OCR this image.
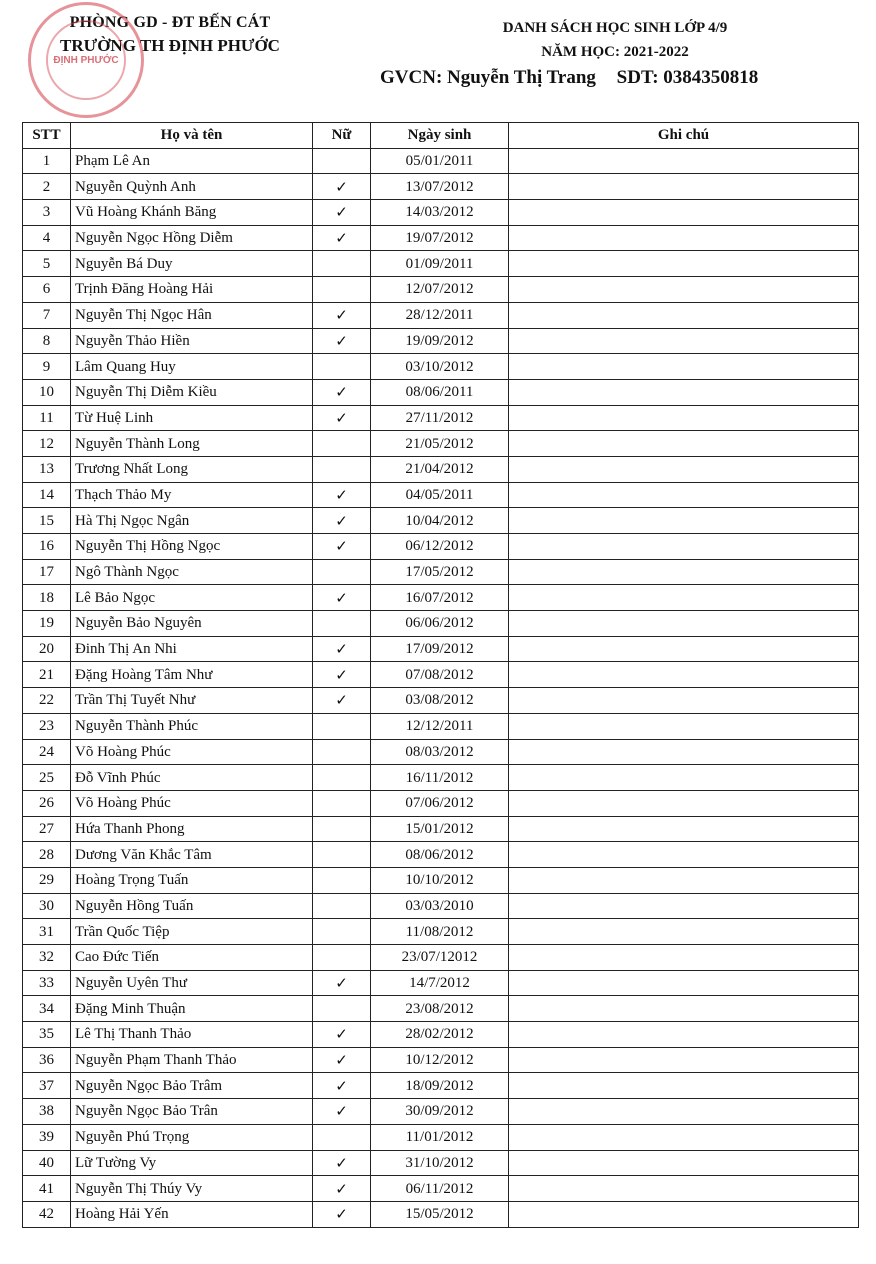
PHÒNG GD - ĐT BẾN CÁT
TRƯỜNG TH ĐỊNH PHƯỚC
ĐỊNH PHƯỚC
DANH SÁCH HỌC SINH LỚP 4/9
NĂM HỌC: 2021-2022
GVCN: Nguyễn Thị Trang SDT: 0384350818
STT	Họ và tên	Nữ	Ngày sinh	Ghi chú
1	Phạm Lê An		05/01/2011	
2	Nguyễn Quỳnh Anh	✓	13/07/2012	
3	Vũ Hoàng Khánh Băng	✓	14/03/2012	
4	Nguyễn Ngọc Hồng Diễm	✓	19/07/2012	
5	Nguyễn Bá Duy		01/09/2011	
6	Trịnh Đăng Hoàng Hải		12/07/2012	
7	Nguyễn Thị Ngọc Hân	✓	28/12/2011	
8	Nguyễn Thảo Hiền	✓	19/09/2012	
9	Lâm Quang Huy		03/10/2012	
10	Nguyễn Thị Diễm Kiều	✓	08/06/2011	
11	Từ Huệ Linh	✓	27/11/2012	
12	Nguyễn Thành Long		21/05/2012	
13	Trương Nhất Long		21/04/2012	
14	Thạch Thảo My	✓	04/05/2011	
15	Hà Thị Ngọc Ngân	✓	10/04/2012	
16	Nguyễn Thị Hồng Ngọc	✓	06/12/2012	
17	Ngô Thành Ngọc		17/05/2012	
18	Lê Bảo Ngọc	✓	16/07/2012	
19	Nguyễn Bảo Nguyên		06/06/2012	
20	Đinh Thị An Nhi	✓	17/09/2012	
21	Đặng Hoàng Tâm Như	✓	07/08/2012	
22	Trần Thị Tuyết Như	✓	03/08/2012	
23	Nguyễn Thành Phúc		12/12/2011	
24	Võ Hoàng Phúc		08/03/2012	
25	Đỗ Vĩnh Phúc		16/11/2012	
26	Võ Hoàng Phúc		07/06/2012	
27	Hứa Thanh Phong		15/01/2012	
28	Dương Văn Khắc Tâm		08/06/2012	
29	Hoàng Trọng Tuấn		10/10/2012	
30	Nguyễn Hồng Tuấn		03/03/2010	
31	Trần Quốc Tiệp		11/08/2012	
32	Cao Đức Tiến		23/07/12012	
33	Nguyễn Uyên Thư	✓	14/7/2012	
34	Đặng Minh Thuận		23/08/2012	
35	Lê Thị Thanh Thảo	✓	28/02/2012	
36	Nguyễn Phạm Thanh Thảo	✓	10/12/2012	
37	Nguyễn Ngọc Bảo Trâm	✓	18/09/2012	
38	Nguyễn Ngọc Bảo Trân	✓	30/09/2012	
39	Nguyễn Phú Trọng		11/01/2012	
40	Lữ Tường Vy	✓	31/10/2012	
41	Nguyễn Thị Thúy Vy	✓	06/11/2012	
42	Hoàng Hải Yến	✓	15/05/2012	
